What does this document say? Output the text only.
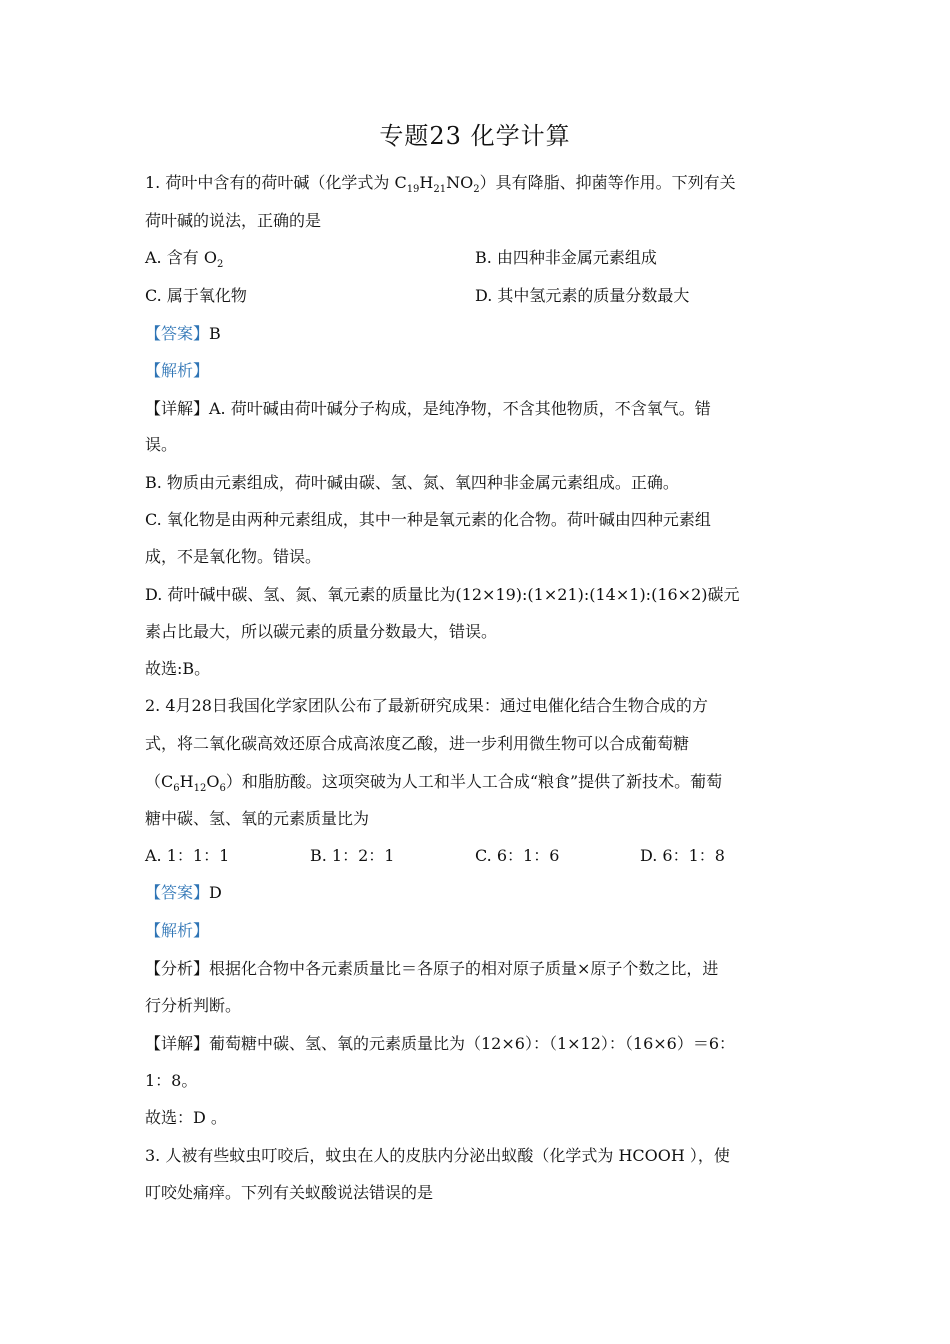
专题23 化学计算
1. 荷叶中含有的荷叶碱（化学式为 $C_{19}H_{21}NO_2$）具有降脂、抑菌等作用。下列有关
荷叶碱的说法，正确的是
A. 含有 $O_2$	B. 由四种非金属元素组成
C. 属于氧化物	D. 其中氢元素的质量分数最大
【答案】B
【解析】
【详解】A. 荷叶碱由荷叶碱分子构成，是纯净物，不含其他物质，不含氧气。错
误。
B. 物质由元素组成，荷叶碱由碳、氢、氮、氧四种非金属元素组成。正确。
C. 氧化物是由两种元素组成，其中一种是氧元素的化合物。荷叶碱由四种元素组
成，不是氧化物。错误。
D. 荷叶碱中碳、氢、氮、氧元素的质量比为(12×19):(1×21):(14×1):(16×2)碳元
素占比最大，所以碳元素的质量分数最大，错误。
故选:B。
2. 4月28日我国化学家团队公布了最新研究成果：通过电催化结合生物合成的方
式，将二氧化碳高效还原合成高浓度乙酸，进一步利用微生物可以合成葡萄糖
$(C_6H_{12}O_6)$和脂肪酸。这项突破为人工和半人工合成“粮食”提供了新技术。葡萄
糖中碳、氢、氧的元素质量比为
A. 1：1：1	B. 1：2：1	C. 6：1：6	D. 6：1：8
【答案】D
【解析】
【分析】根据化合物中各元素质量比＝各原子的相对原子质量×原子个数之比，进
行分析判断。
【详解】葡萄糖中碳、氢、氧的元素质量比为（12×6）：（1×12）：（16×6）＝6：
1：8。
故选：D 。
3. 人被有些蚊虫叮咬后，蚊虫在人的皮肤内分泌出蚁酸（化学式为 HCOOH ），使
叮咬处痛痒。下列有关蚁酸说法错误的是
